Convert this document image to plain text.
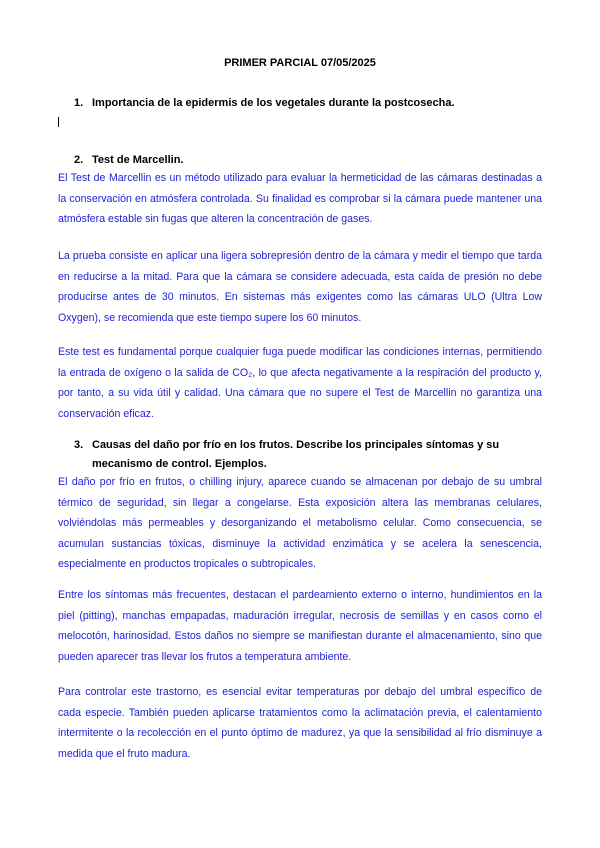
PRIMER PARCIAL 07/05/2025
1. Importancia de la epidermis de los vegetales durante la postcosecha.
2. Test de Marcellin.
El Test de Marcellin es un método utilizado para evaluar la hermeticidad de las cámaras destinadas a la conservación en atmósfera controlada. Su finalidad es comprobar si la cámara puede mantener una atmósfera estable sin fugas que alteren la concentración de gases.
La prueba consiste en aplicar una ligera sobrepresión dentro de la cámara y medir el tiempo que tarda en reducirse a la mitad. Para que la cámara se considere adecuada, esta caída de presión no debe producirse antes de 30 minutos. En sistemas más exigentes como las cámaras ULO (Ultra Low Oxygen), se recomienda que este tiempo supere los 60 minutos.
Este test es fundamental porque cualquier fuga puede modificar las condiciones internas, permitiendo la entrada de oxígeno o la salida de CO₂, lo que afecta negativamente a la respiración del producto y, por tanto, a su vida útil y calidad. Una cámara que no supere el Test de Marcellin no garantiza una conservación eficaz.
3. Causas del daño por frío en los frutos. Describe los principales síntomas y su mecanismo de control. Ejemplos.
El daño por frío en frutos, o chilling injury, aparece cuando se almacenan por debajo de su umbral térmico de seguridad, sin llegar a congelarse. Esta exposición altera las membranas celulares, volviéndolas más permeables y desorganizando el metabolismo celular. Como consecuencia, se acumulan sustancias tóxicas, disminuye la actividad enzimática y se acelera la senescencia, especialmente en productos tropicales o subtropicales.
Entre los síntomas más frecuentes, destacan el pardeamiento externo o interno, hundimientos en la piel (pitting), manchas empapadas, maduración irregular, necrosis de semillas y en casos como el melocotón, harinosidad. Estos daños no siempre se manifiestan durante el almacenamiento, sino que pueden aparecer tras llevar los frutos a temperatura ambiente.
Para controlar este trastorno, es esencial evitar temperaturas por debajo del umbral específico de cada especie. También pueden aplicarse tratamientos como la aclimatación previa, el calentamiento intermitente o la recolección en el punto óptimo de madurez, ya que la sensibilidad al frío disminuye a medida que el fruto madura.
